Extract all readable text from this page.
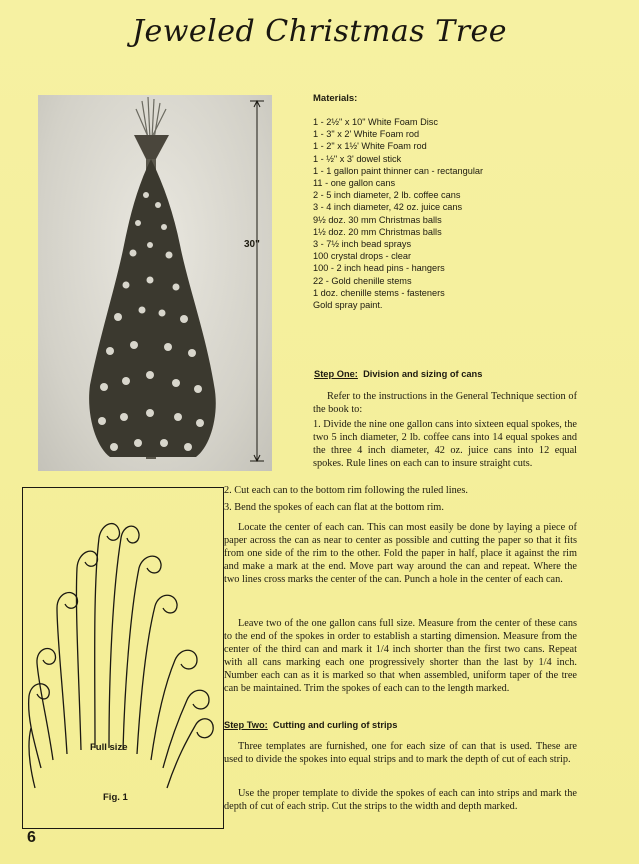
Jeweled Christmas Tree
30"
Materials:
1 - 2½" x 10" White Foam Disc
1 - 3" x 2' White Foam rod
1 - 2" x 1½' White Foam rod
1 - ½" x 3' dowel stick
1 - 1 gallon paint thinner can - rectangular
11 - one gallon cans
2 - 5 inch diameter, 2 lb. coffee cans
3 - 4 inch diameter, 42 oz. juice cans
9½ doz. 30 mm Christmas balls
1½ doz. 20 mm Christmas balls
3 - 7½ inch bead sprays
100 crystal drops - clear
100 - 2 inch head pins - hangers
22 - Gold chenille stems
1 doz. chenille stems - fasteners
Gold spray paint.
Step One: Division and sizing of cans

Refer to the instructions in the General Technique section of the book to:

1. Divide the nine one gallon cans into sixteen equal spokes, the two 5 inch diameter, 2 lb. coffee cans into 14 equal spokes and the three 4 inch diameter, 42 oz. juice cans into 12 equal spokes. Rule lines on each can to insure straight cuts.

2. Cut each can to the bottom rim following the ruled lines.

3. Bend the spokes of each can flat at the bottom rim.

Locate the center of each can. This can most easily be done by laying a piece of paper across the can as near to center as possible and cutting the paper so that it fits from one side of the rim to the other. Fold the paper in half, place it against the rim and make a mark at the end. Move part way around the can and repeat. Where the two lines cross marks the center of the can. Punch a hole in the center of each can.

Leave two of the one gallon cans full size. Measure from the center of these cans to the end of the spokes in order to establish a starting dimension. Measure from the center of the third can and mark it 1/4 inch shorter than the first two cans. Repeat with all cans marking each one progressively shorter than the last by 1/4 inch. Number each can as it is marked so that when assembled, uniform taper of the tree can be maintained. Trim the spokes of each can to the length marked.

Step Two: Cutting and curling of strips

Three templates are furnished, one for each size of can that is used. These are used to divide the spokes into equal strips and to mark the depth of cut of each strip.

Use the proper template to divide the spokes of each can into strips and mark the depth of cut of each strip. Cut the strips to the width and depth marked.

Full size
Fig. 1
6
